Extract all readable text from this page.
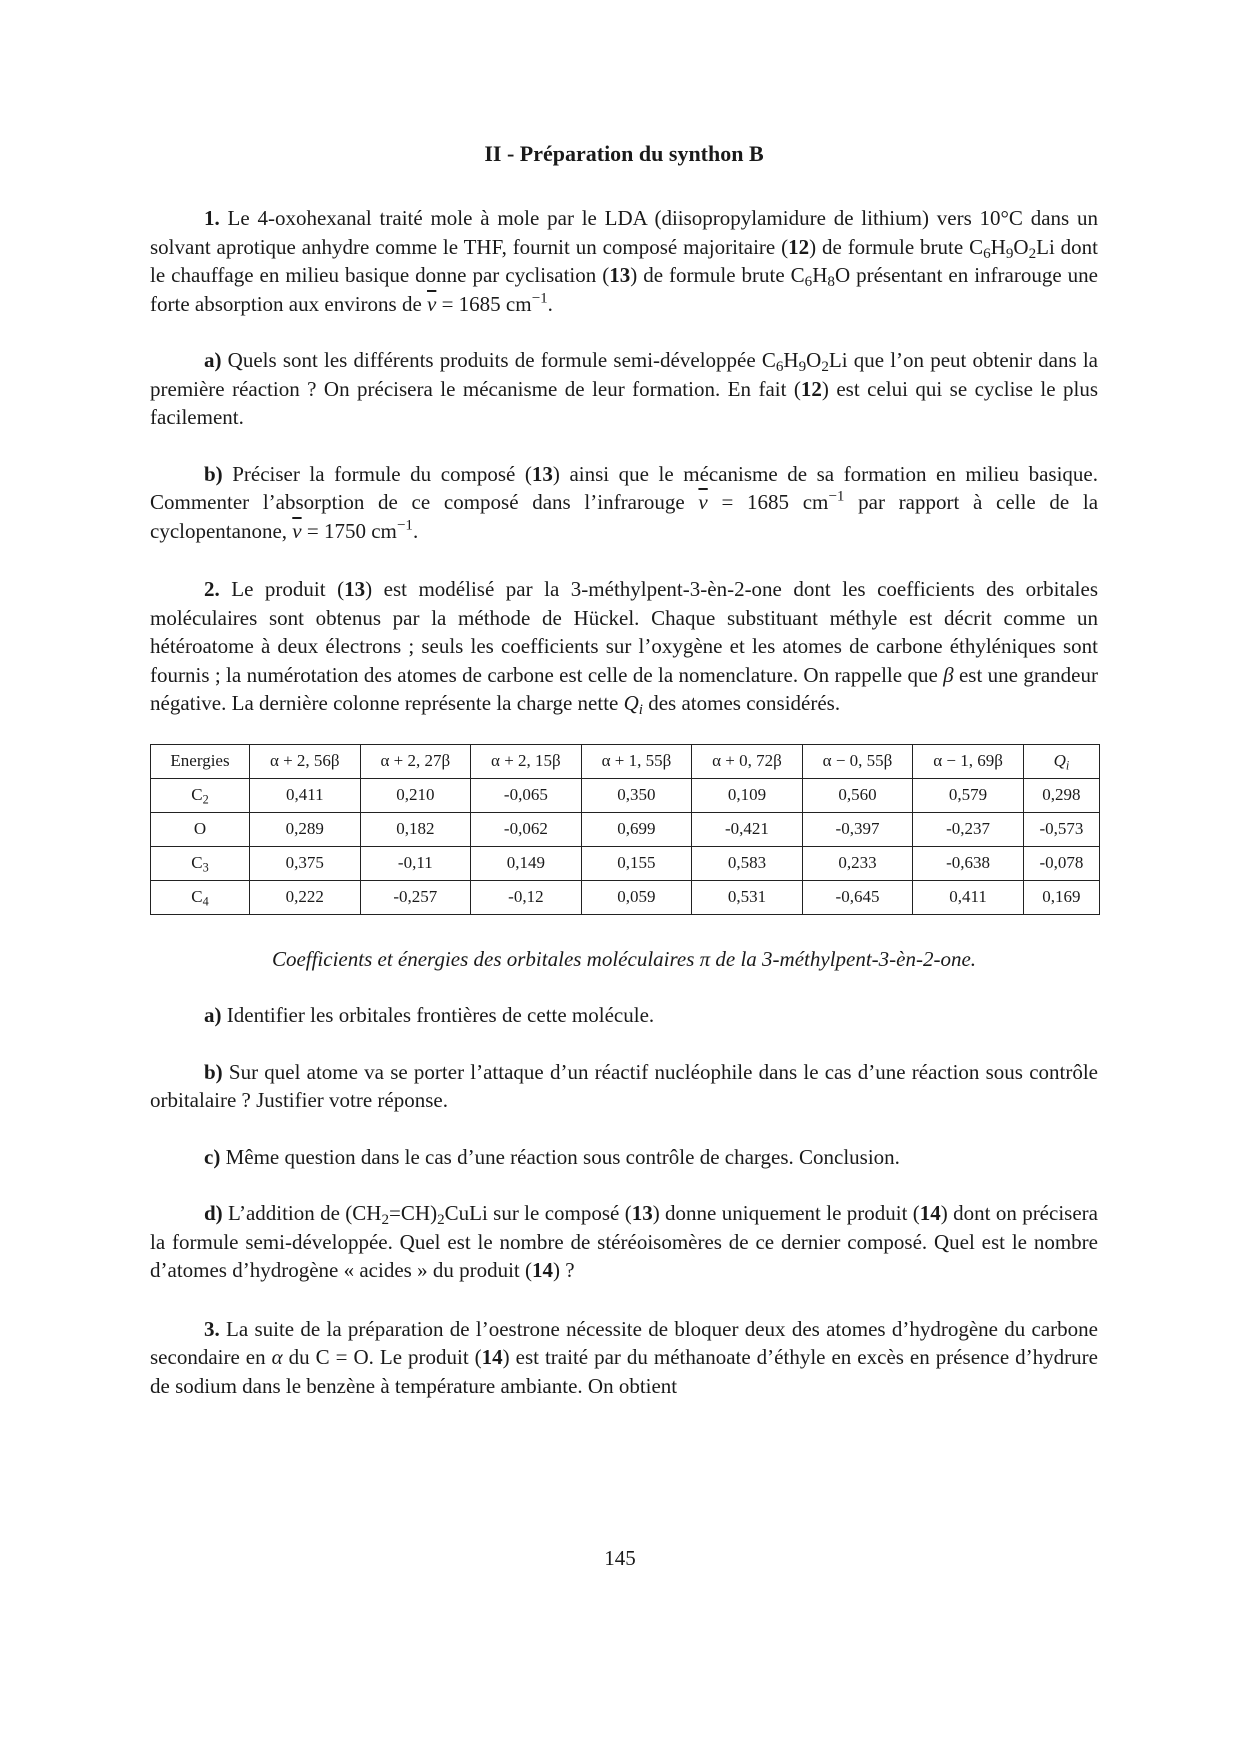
II - Préparation du synthon B

1. Le 4-oxohexanal traité mole à mole par le LDA (diisopropylamidure de lithium) vers 10°C dans un solvant aprotique anhydre comme le THF, fournit un composé majoritaire (12) de formule brute $C_6H_9O_2Li$ dont le chauffage en milieu basique donne par cyclisation (13) de formule brute $C_6H_8O$ présentant en infrarouge une forte absorption aux environs de $\overline{\nu} = 1685$ $cm^{-1}$.

a) Quels sont les différents produits de formule semi-développée $C_6H_9O_2Li$ que l’on peut obtenir dans la première réaction ? On précisera le mécanisme de leur formation. En fait (12) est celui qui se cyclise le plus facilement.

b) Préciser la formule du composé (13) ainsi que le mécanisme de sa formation en milieu basique. Commenter l’absorption de ce composé dans l’infrarouge $\overline{\nu} = 1685$ $cm^{-1}$ par rapport à celle de la cyclopentanone, $\overline{\nu} = 1750$ $cm^{-1}$.

2. Le produit (13) est modélisé par la 3-méthylpent-3-èn-2-one dont les coefficients des orbitales moléculaires sont obtenus par la méthode de Hückel. Chaque substituant méthyle est décrit comme un hétéroatome à deux électrons ; seuls les coefficients sur l’oxygène et les atomes de carbone éthyléniques sont fournis ; la numérotation des atomes de carbone est celle de la nomenclature. On rappelle que β est une grandeur négative. La dernière colonne représente la charge nette $Q_i$ des atomes considérés.

Energies	α + 2, 56β	α + 2, 27β	α + 2, 15β	α + 1, 55β	α + 0, 72β	α − 0, 55β	α − 1, 69β	$Q_i$
$C_2$	0,411	0,210	-0,065	0,350	0,109	0,560	0,579	0,298
O	0,289	0,182	-0,062	0,699	-0,421	-0,397	-0,237	-0,573
$C_3$	0,375	-0,11	0,149	0,155	0,583	0,233	-0,638	-0,078
$C_4$	0,222	-0,257	-0,12	0,059	0,531	-0,645	0,411	0,169

Coefficients et énergies des orbitales moléculaires π de la 3-méthylpent-3-èn-2-one.

a) Identifier les orbitales frontières de cette molécule.

b) Sur quel atome va se porter l’attaque d’un réactif nucléophile dans le cas d’une réaction sous contrôle orbitalaire ? Justifier votre réponse.

c) Même question dans le cas d’une réaction sous contrôle de charges. Conclusion.

d) L’addition de $(CH_2=CH)_2CuLi$ sur le composé (13) donne uniquement le produit (14) dont on précisera la formule semi-développée. Quel est le nombre de stéréoisomères de ce dernier composé. Quel est le nombre d’atomes d’hydrogène « acides » du produit (14) ?

3. La suite de la préparation de l’oestrone nécessite de bloquer deux des atomes d’hydrogène du carbone secondaire en α du C = O. Le produit (14) est traité par du méthanoate d’éthyle en excès en présence d’hydrure de sodium dans le benzène à température ambiante. On obtient

145
